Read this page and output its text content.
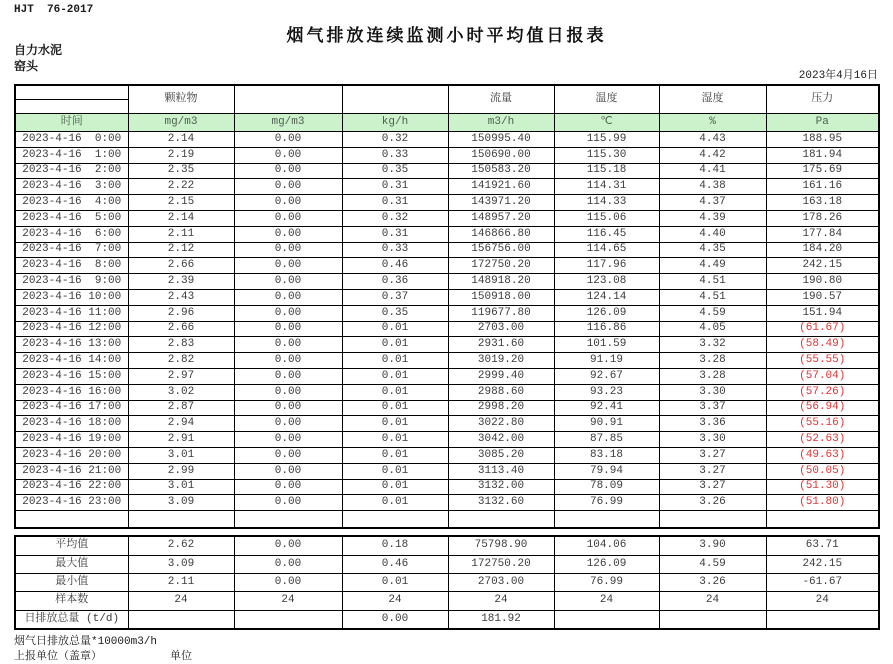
HJT  76-2017
烟气排放连续监测小时平均值日报表
自力水泥
窑头
2023年4月16日
	颗粒物			流量	温度	湿度	压力

时间	mg/m3	mg/m3	kg/h	m3/h	℃	%	Pa
2023-4-16  0:00	2.14	0.00	0.32	150995.40	115.99	4.43	188.95
2023-4-16  1:00	2.19	0.00	0.33	150690.00	115.30	4.42	181.94
2023-4-16  2:00	2.35	0.00	0.35	150583.20	115.18	4.41	175.69
2023-4-16  3:00	2.22	0.00	0.31	141921.60	114.31	4.38	161.16
2023-4-16  4:00	2.15	0.00	0.31	143971.20	114.33	4.37	163.18
2023-4-16  5:00	2.14	0.00	0.32	148957.20	115.06	4.39	178.26
2023-4-16  6:00	2.11	0.00	0.31	146866.80	116.45	4.40	177.84
2023-4-16  7:00	2.12	0.00	0.33	156756.00	114.65	4.35	184.20
2023-4-16  8:00	2.66	0.00	0.46	172750.20	117.96	4.49	242.15
2023-4-16  9:00	2.39	0.00	0.36	148918.20	123.08	4.51	190.80
2023-4-16 10:00	2.43	0.00	0.37	150918.00	124.14	4.51	190.57
2023-4-16 11:00	2.96	0.00	0.35	119677.80	126.09	4.59	151.94
2023-4-16 12:00	2.66	0.00	0.01	2703.00	116.86	4.05	(61.67)
2023-4-16 13:00	2.83	0.00	0.01	2931.60	101.59	3.32	(58.49)
2023-4-16 14:00	2.82	0.00	0.01	3019.20	91.19	3.28	(55.55)
2023-4-16 15:00	2.97	0.00	0.01	2999.40	92.67	3.28	(57.04)
2023-4-16 16:00	3.02	0.00	0.01	2988.60	93.23	3.30	(57.26)
2023-4-16 17:00	2.87	0.00	0.01	2998.20	92.41	3.37	(56.94)
2023-4-16 18:00	2.94	0.00	0.01	3022.80	90.91	3.36	(55.16)
2023-4-16 19:00	2.91	0.00	0.01	3042.00	87.85	3.30	(52.63)
2023-4-16 20:00	3.01	0.00	0.01	3085.20	83.18	3.27	(49.63)
2023-4-16 21:00	2.99	0.00	0.01	3113.40	79.94	3.27	(50.05)
2023-4-16 22:00	3.01	0.00	0.01	3132.00	78.09	3.27	(51.30)
2023-4-16 23:00	3.09	0.00	0.01	3132.60	76.99	3.26	(51.80)

平均值	2.62	0.00	0.18	75798.90	104.06	3.90	63.71
最大值	3.09	0.00	0.46	172750.20	126.09	4.59	242.15
最小值	2.11	0.00	0.01	2703.00	76.99	3.26	-61.67
样本数	24	24	24	24	24	24	24
日排放总量 (t/d)			0.00	181.92			
烟气日排放总量*10000m3/h
上报单位（盖章）	单位
